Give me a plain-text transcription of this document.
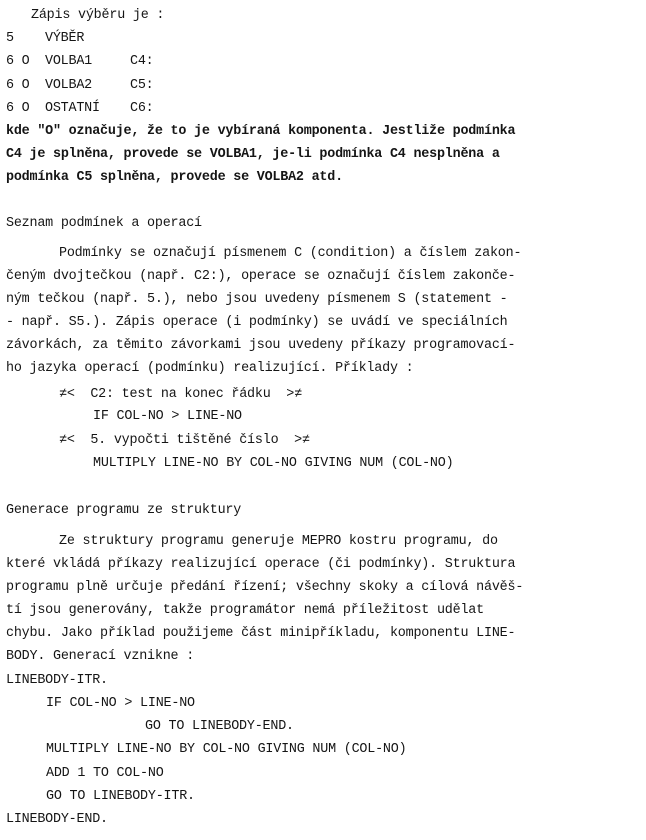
Zápis výběru je :
5 VÝBĚR
6 O VOLBA1	C4:
6 O VOLBA2	C5:
6 O OSTATNÍ C6:
kde "O" označuje, že to je vybíraná komponenta. Jestliže podmínka
C4 je splněna, provede se VOLBA1, je-li podmínka C4 nesplněna a
podmínka C5 splněna, provede se VOLBA2 atd.
Seznam podmínek a operací
Podmínky se označují písmenem C (condition) a číslem zakon-
čeným dvojtečkou (např. C2:), operace se označují číslem zakonče-
ným tečkou (např. 5.), nebo jsou uvedeny písmenem S (statement -
- např. S5.). Zápis operace (i podmínky) se uvádí ve speciálních
závorkách, za těmito závorkami jsou uvedeny příkazy programovací-
ho jazyka operací (podmínku) realizující. Příklady :
≠<  C2: test na konec řádku  >≠
IF COL-NO > LINE-NO
≠<  5. vypočti tištěné číslo  >≠
MULTIPLY LINE-NO BY COL-NO GIVING NUM (COL-NO)
Generace programu ze struktury
Ze struktury programu generuje MEPRO kostru programu, do
které vkládá příkazy realizující operace (či podmínky). Struktura
programu plně určuje předání řízení; všechny skoky a cílová návěš-
tí jsou generovány, takže programátor nemá příležitost udělat
chybu. Jako příklad použijeme část minipříkladu, komponentu LINE-
BODY. Generací vznikne :
LINEBODY-ITR.
IF COL-NO > LINE-NO
GO TO LINEBODY-END.
MULTIPLY LINE-NO BY COL-NO GIVING NUM (COL-NO)
ADD 1 TO COL-NO
GO TO LINEBODY-ITR.
LINEBODY-END.
